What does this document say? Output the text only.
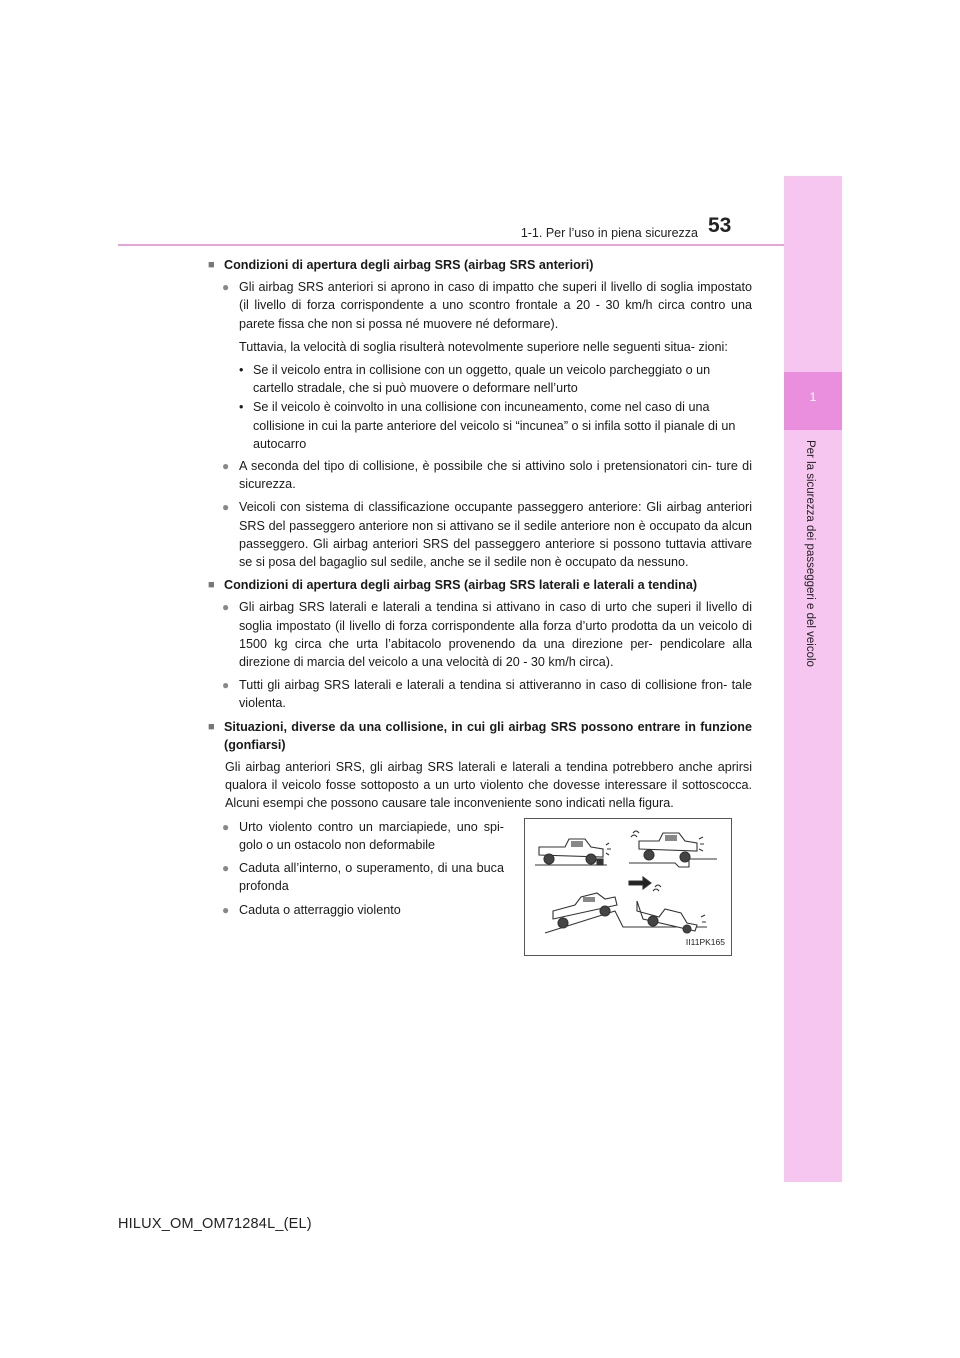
1
Per la sicurezza dei passeggeri e del veicolo
1-1. Per l’uso in piena sicurezza 53
■ Condizioni di apertura degli airbag SRS (airbag SRS anteriori)
● Gli airbag SRS anteriori si aprono in caso di impatto che superi il livello di soglia impostato (il livello di forza corrispondente a uno scontro frontale a 20 - 30 km/h circa contro una parete fissa che non si possa né muovere né deformare).
Tuttavia, la velocità di soglia risulterà notevolmente superiore nelle seguenti situa- zioni:
• Se il veicolo entra in collisione con un oggetto, quale un veicolo parcheggiato o un cartello stradale, che si può muovere o deformare nell’urto
• Se il veicolo è coinvolto in una collisione con incuneamento, come nel caso di una collisione in cui la parte anteriore del veicolo si “incunea” o si infila sotto il pianale di un autocarro
● A seconda del tipo di collisione, è possibile che si attivino solo i pretensionatori cin- ture di sicurezza.
● Veicoli con sistema di classificazione occupante passeggero anteriore: Gli airbag anteriori SRS del passeggero anteriore non si attivano se il sedile anteriore non è occupato da alcun passeggero. Gli airbag anteriori SRS del passeggero anteriore si possono tuttavia attivare se si posa del bagaglio sul sedile, anche se il sedile non è occupato da nessuno.
■ Condizioni di apertura degli airbag SRS (airbag SRS laterali e laterali a tendina)
● Gli airbag SRS laterali e laterali a tendina si attivano in caso di urto che superi il livello di soglia impostato (il livello di forza corrispondente alla forza d’urto prodotta da un veicolo di 1500 kg circa che urta l’abitacolo provenendo da una direzione per- pendicolare alla direzione di marcia del veicolo a una velocità di 20 - 30 km/h circa).
● Tutti gli airbag SRS laterali e laterali a tendina si attiveranno in caso di collisione fron- tale violenta.
■ Situazioni, diverse da una collisione, in cui gli airbag SRS possono entrare in funzione (gonfiarsi)
Gli airbag anteriori SRS, gli airbag SRS laterali e laterali a tendina potrebbero anche aprirsi qualora il veicolo fosse sottoposto a un urto violento che dovesse interessare il sottoscocca. Alcuni esempi che possono causare tale inconveniente sono indicati nella figura.
● Urto violento contro un marciapiede, uno spi- golo o un ostacolo non deformabile
● Caduta all’interno, o superamento, di una buca profonda
● Caduta o atterraggio violento
II11PK165
HILUX_OM_OM71284L_(EL)
